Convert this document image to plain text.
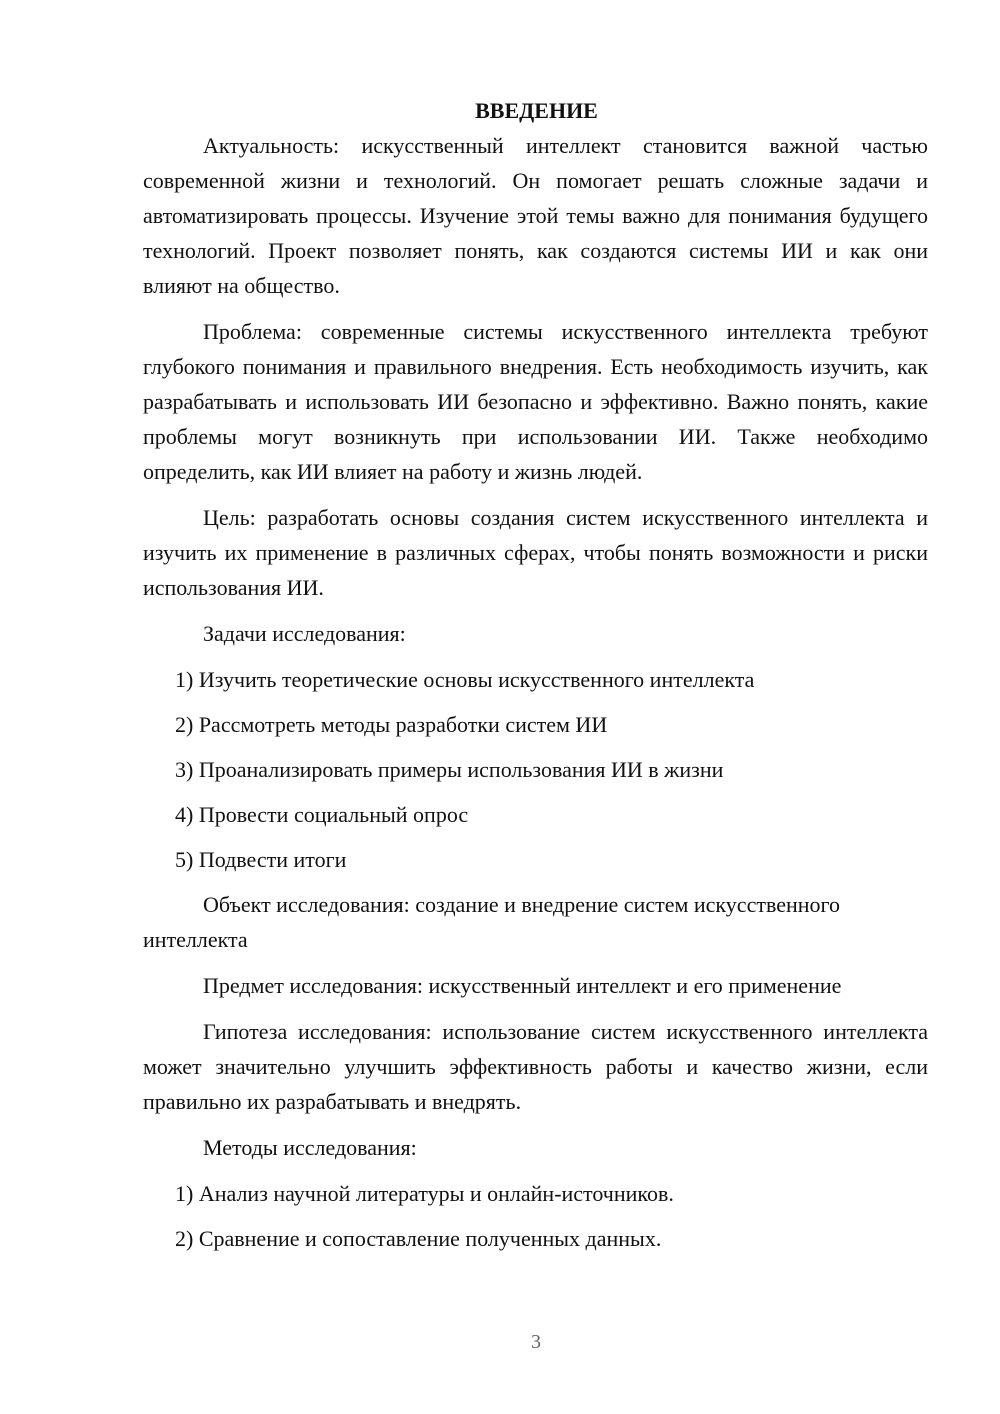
ВВЕДЕНИЕ

Актуальность: искусственный интеллект становится важной частью современной жизни и технологий. Он помогает решать сложные задачи и автоматизировать процессы. Изучение этой темы важно для понимания будущего технологий. Проект позволяет понять, как создаются системы ИИ и как они влияют на общество.

Проблема: современные системы искусственного интеллекта требуют глубокого понимания и правильного внедрения. Есть необходимость изучить, как разрабатывать и использовать ИИ безопасно и эффективно. Важно понять, какие проблемы могут возникнуть при использовании ИИ. Также необходимо определить, как ИИ влияет на работу и жизнь людей.

Цель: разработать основы создания систем искусственного интеллекта и изучить их применение в различных сферах, чтобы понять возможности и риски использования ИИ.

Задачи исследования:

1) Изучить теоретические основы искусственного интеллекта
2) Рассмотреть методы разработки систем ИИ
3) Проанализировать примеры использования ИИ в жизни
4) Провести социальный опрос
5) Подвести итоги

Объект исследования: создание и внедрение систем искусственного интеллекта

Предмет исследования: искусственный интеллект и его применение

Гипотеза исследования: использование систем искусственного интеллекта может значительно улучшить эффективность работы и качество жизни, если правильно их разрабатывать и внедрять.

Методы исследования:

1) Анализ научной литературы и онлайн-источников.
2) Сравнение и сопоставление полученных данных.
3
